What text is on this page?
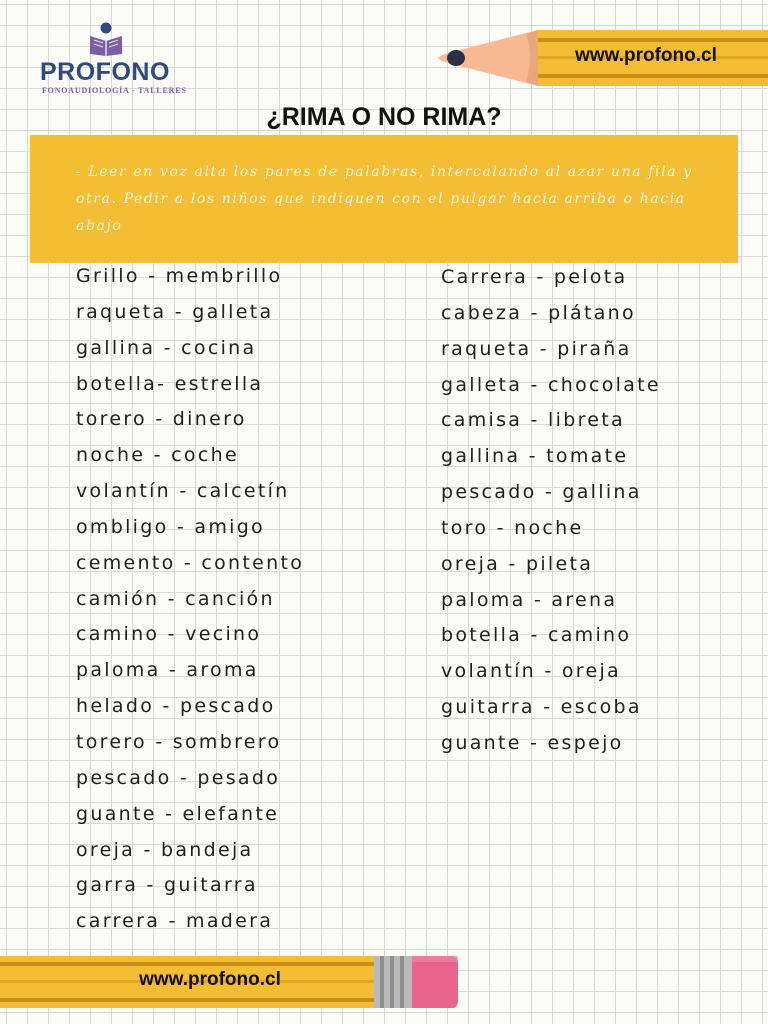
PROFONO
FONOAUDIOLOGÍA - TALLERES
www.profono.cl
¿RIMA O NO RIMA?
- Leer en voz alta los pares de palabras, intercalando al azar una fila y otra. Pedir a los niños que indiquen con el pulgar hacia arriba o hacia abajo
Grillo - membrillo
raqueta - galleta
gallina - cocina
botella- estrella
torero - dinero
noche - coche
volantín - calcetín
ombligo - amigo
cemento - contento
camión - canción
camino - vecino
paloma - aroma
helado - pescado
torero - sombrero
pescado - pesado
guante - elefante
oreja - bandeja
garra - guitarra
carrera - madera
Carrera - pelota
cabeza - plátano
raqueta - piraña
galleta - chocolate
camisa - libreta
gallina - tomate
pescado - gallina
toro - noche
oreja - pileta
paloma - arena
botella - camino
volantín - oreja
guitarra - escoba
guante - espejo
www.profono.cl
